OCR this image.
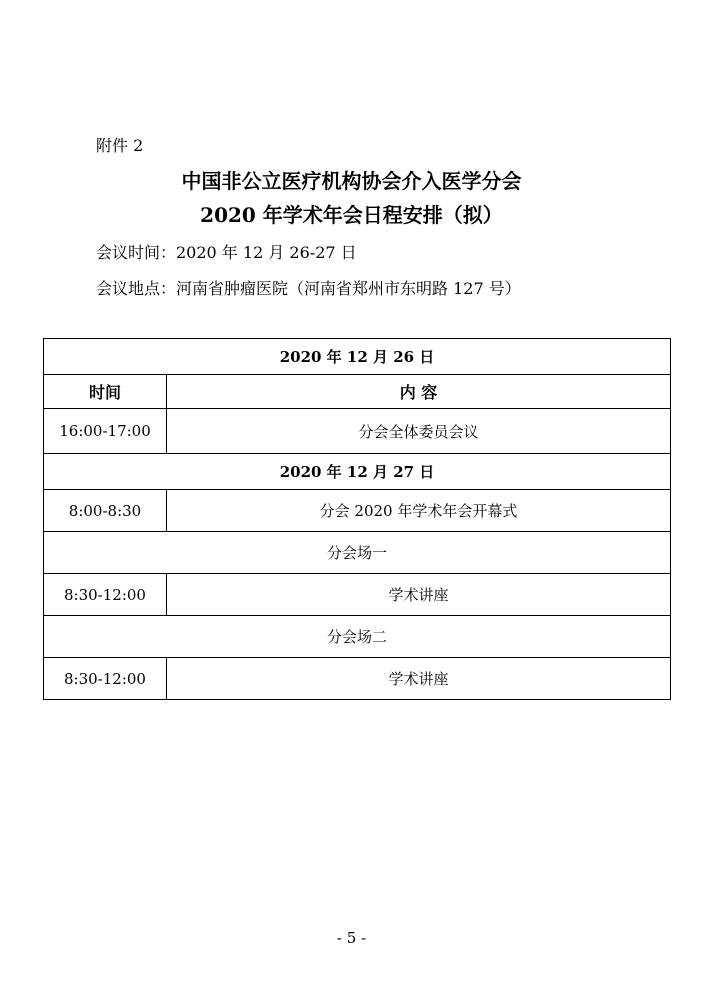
附件 2
中国非公立医疗机构协会介入医学分会
2020 年学术年会日程安排（拟）
会议时间：2020 年 12 月 26-27 日
会议地点：河南省肿瘤医院（河南省郑州市东明路 127 号）
2020 年 12 月 26 日	
时间	内 容
16:00-17:00	分会全体委员会议
2020 年 12 月 27 日	
8:00-8:30	分会 2020 年学术年会开幕式
分会场一	
8:30-12:00	学术讲座
分会场二	
8:30-12:00	学术讲座
- 5 -
